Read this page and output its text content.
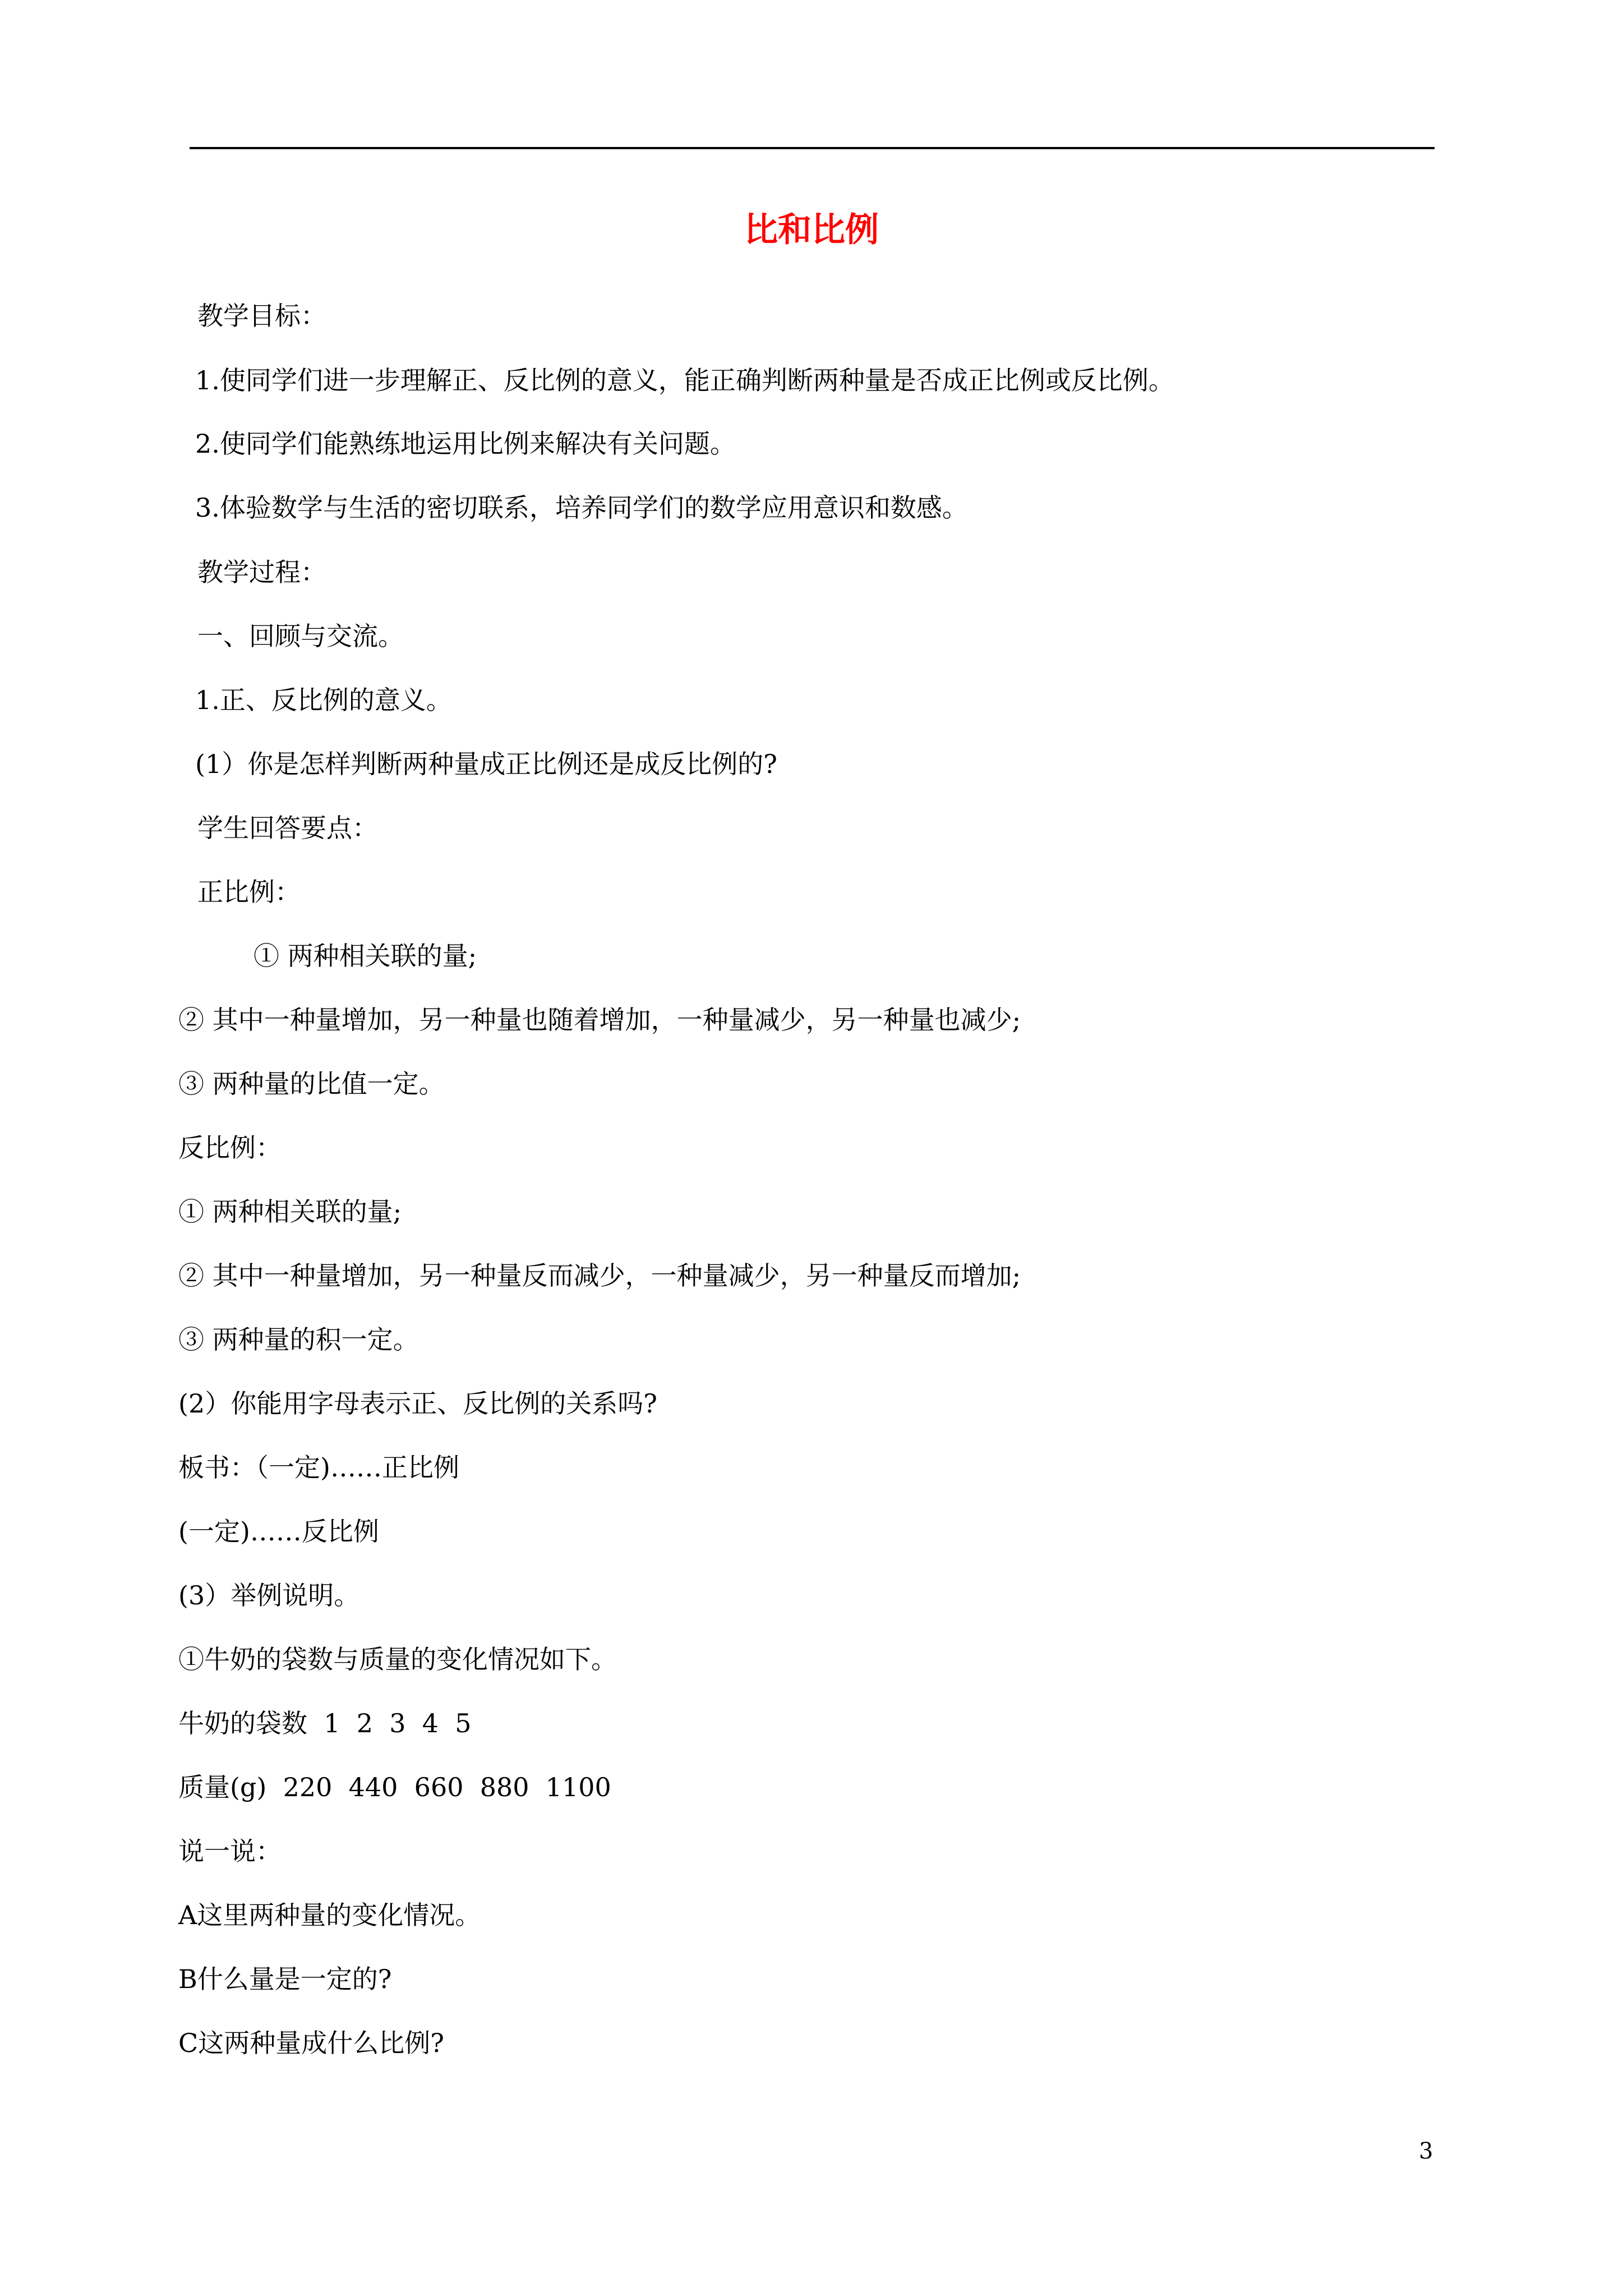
比和比例
教学目标：
1.使同学们进一步理解正、反比例的意义，能正确判断两种量是否成正比例或反比例。
2.使同学们能熟练地运用比例来解决有关问题。
3.体验数学与生活的密切联系，培养同学们的数学应用意识和数感。
教学过程：
一、回顾与交流。
1.正、反比例的意义。
(1）你是怎样判断两种量成正比例还是成反比例的?
学生回答要点：
正比例：
① 两种相关联的量;
② 其中一种量增加，另一种量也随着增加，一种量减少，另一种量也减少;
③ 两种量的比值一定。
反比例：
① 两种相关联的量;
② 其中一种量增加，另一种量反而减少，一种量减少，另一种量反而增加;
③ 两种量的积一定。
(2）你能用字母表示正、反比例的关系吗?
板书：（一定)……正比例
(一定)……反比例
(3）举例说明。
①牛奶的袋数与质量的变化情况如下。
牛奶的袋数  1  2  3  4  5
质量(g)  220  440  660  880  1100
说一说：
A这里两种量的变化情况。
B什么量是一定的?
C这两种量成什么比例?
3
